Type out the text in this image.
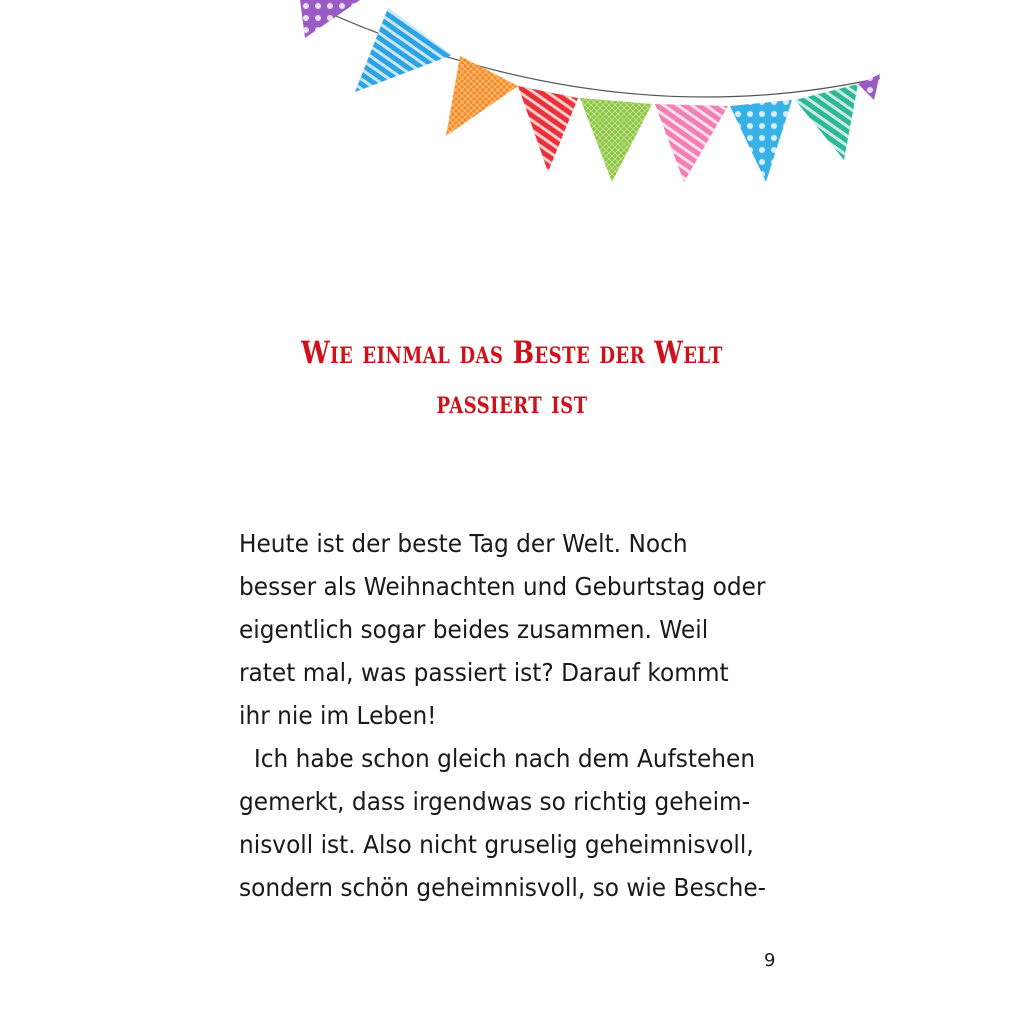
Wie einmal das Beste der Welt
passiert ist
Heute ist der beste Tag der Welt. Noch
besser als Weihnachten und Geburtstag oder
eigentlich sogar beides zusammen. Weil
ratet mal, was passiert ist? Darauf kommt
ihr nie im Leben!
Ich habe schon gleich nach dem Aufstehen
gemerkt, dass irgendwas so richtig geheim-
nisvoll ist. Also nicht gruselig geheimnisvoll,
sondern schön geheimnisvoll, so wie Besche-
9
